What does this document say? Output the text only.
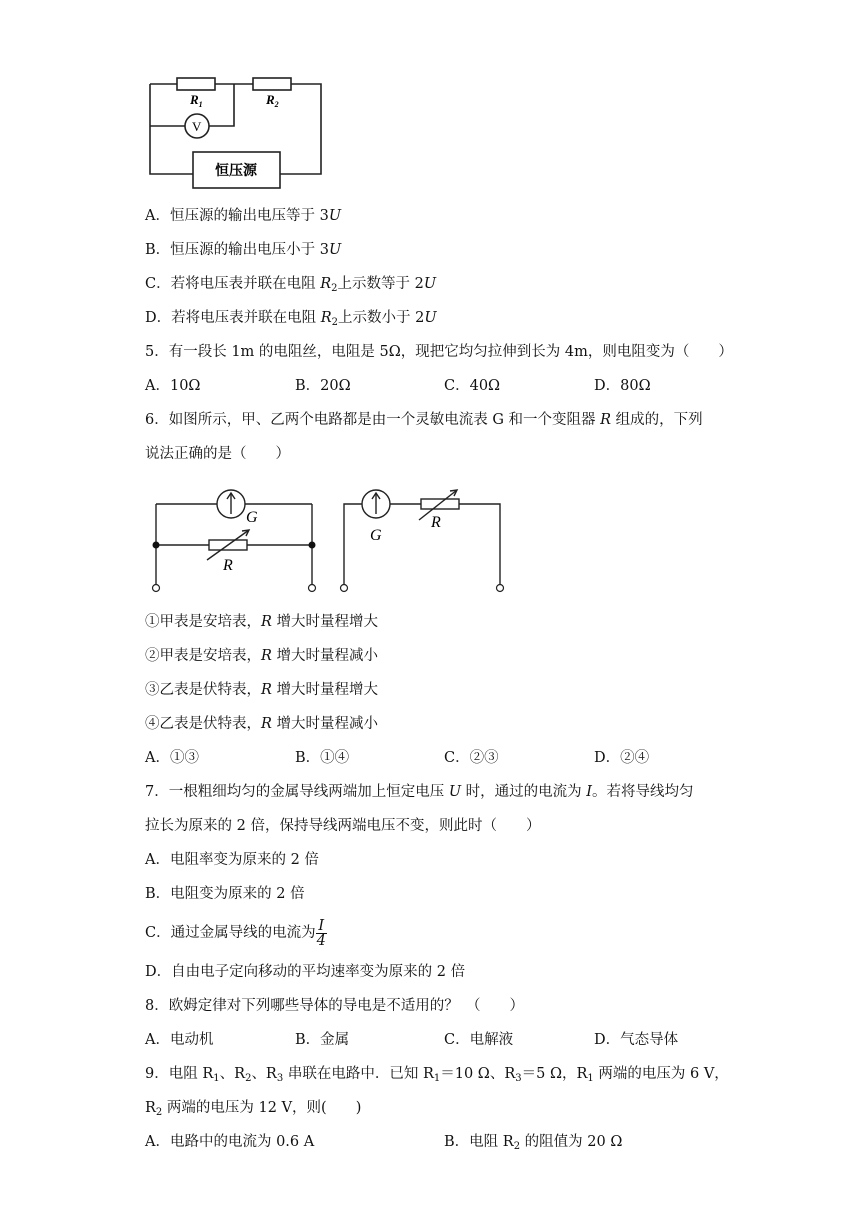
$R_1$	$R_2$
V
恒压源
A．恒压源的输出电压等于 3U
B．恒压源的输出电压小于 3U
C．若将电压表并联在电阻 $R_2$上示数等于 2U
D．若将电压表并联在电阻 $R_2$上示数小于 2U
5．有一段长 1m 的电阻丝，电阻是 5Ω，现把它均匀拉伸到长为 4m，则电阻变为（　　）
A．10Ω	B．20Ω	C．40Ω	D．80Ω
6．如图所示，甲、乙两个电路都是由一个灵敏电流表 G 和一个变阻器 R 组成的，下列
说法正确的是（　　）
G
R
G
R
①甲表是安培表，R 增大时量程增大
②甲表是安培表，R 增大时量程减小
③乙表是伏特表，R 增大时量程增大
④乙表是伏特表，R 增大时量程减小
A．①③	B．①④	C．②③	D．②④
7．一根粗细均匀的金属导线两端加上恒定电压 U 时，通过的电流为 I。若将导线均匀
拉长为原来的 2 倍，保持导线两端电压不变，则此时（　　）
A．电阻率变为原来的 2 倍
B．电阻变为原来的 2 倍
C．通过金属导线的电流为 $\frac{I}{4}$
D．自由电子定向移动的平均速率变为原来的 2 倍
8．欧姆定律对下列哪些导体的导电是不适用的？　（　　）
A．电动机	B．金属	C．电解液	D．气态导体
9．电阻 $R_1$、$R_2$、$R_3$ 串联在电路中．已知 $R_1=10$ Ω、$R_3=5$ Ω，$R_1$ 两端的电压为 6 V，
$R_2$ 两端的电压为 12 V，则(　　)
A．电路中的电流为 0.6 A	B．电阻 $R_2$ 的阻值为 20 Ω
